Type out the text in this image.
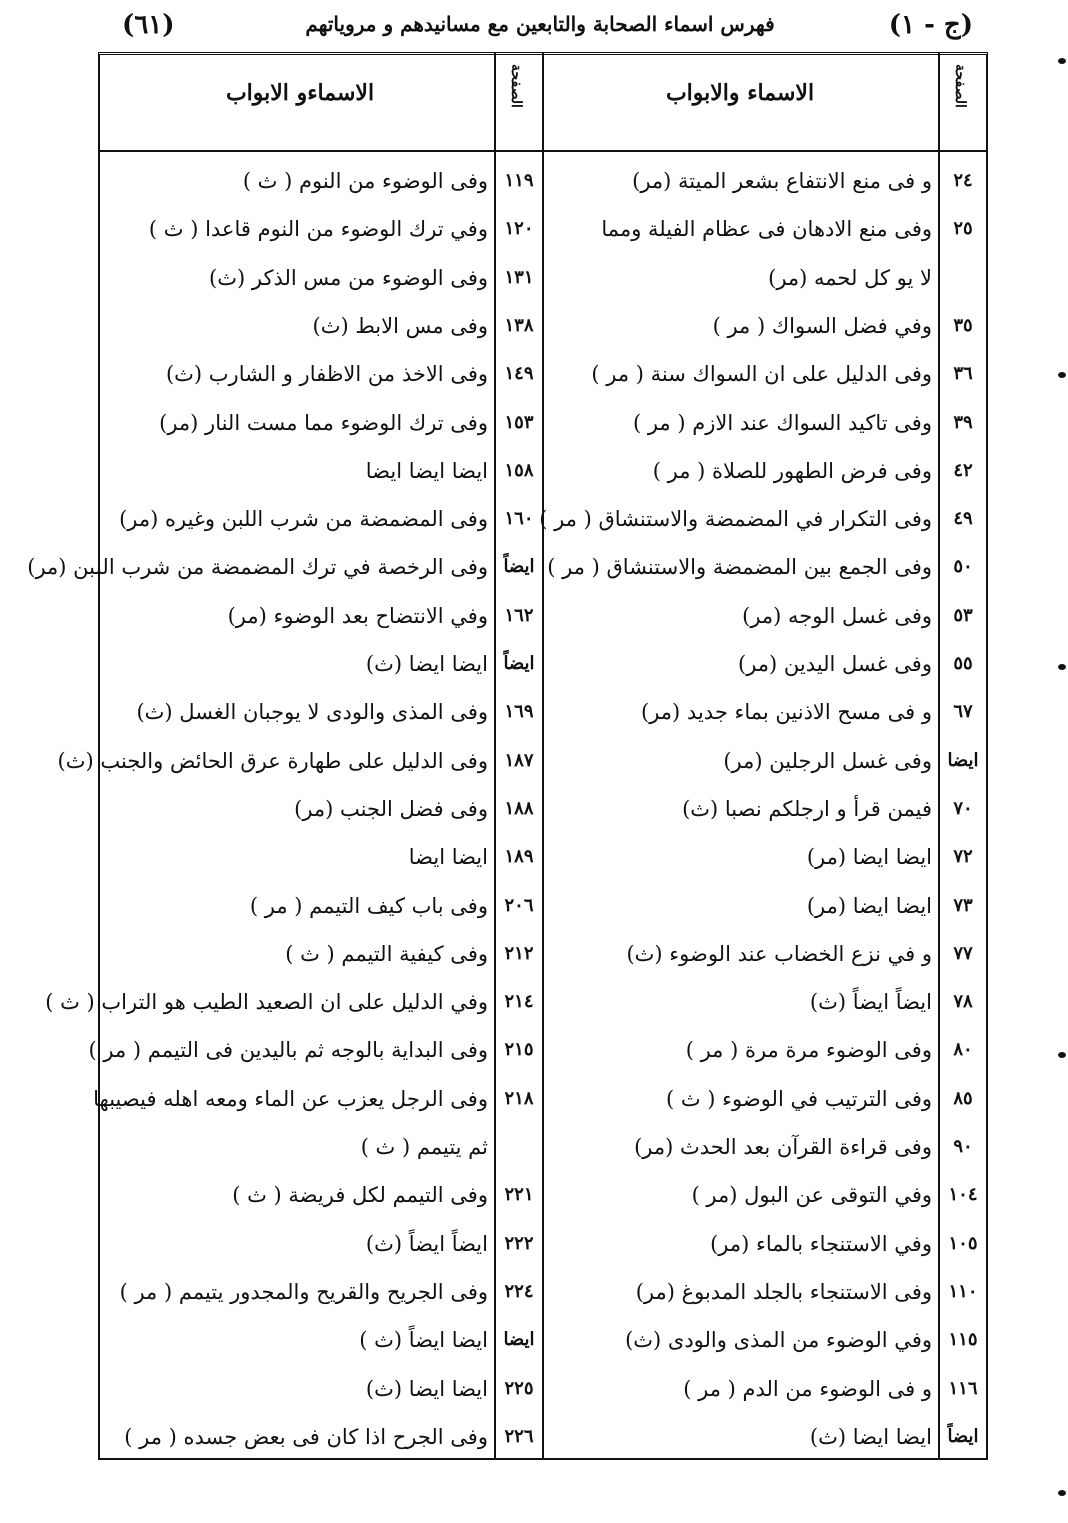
(ج - ١)
فهرس اسماء الصحابة والتابعين مع مسانيدهم و مروياتهم
(٦١)
الصفحة
الاسماء والابواب
الصفحة
الاسماءو الابواب
٢٤
و فى منع الانتفاع بشعر الميتة (مر)
٢٥
وفى منع الادهان فى عظام الفيلة ومما
لا يو كل لحمه (مر)
٣٥
وفي فضل السواك ( مر )
٣٦
وفى الدليل على ان السواك سنة ( مر )
٣٩
وفى تاكيد السواك عند الازم ( مر )
٤٢
وفى فرض الطهور للصلاة ( مر )
٤٩
وفى التكرار في المضمضة والاستنشاق ( مر )
٥٠
وفى الجمع بين المضمضة والاستنشاق ( مر )
٥٣
وفى غسل الوجه (مر)
٥٥
وفى غسل اليدين (مر)
٦٧
و فى مسح الاذنين بماء جديد (مر)
ايضا
وفى غسل الرجلين (مر)
٧٠
فيمن قرأ و ارجلكم نصبا (ث)
٧٢
ايضا ايضا (مر)
٧٣
ايضا ايضا (مر)
٧٧
و في نزع الخضاب عند الوضوء (ث)
٧٨
ايضاً ايضاً (ث)
٨٠
وفى الوضوء مرة مرة ( مر )
٨٥
وفى الترتيب في الوضوء ( ث )
٩٠
وفى قراءة القرآن بعد الحدث (مر)
١٠٤
وفي التوقى عن البول (مر )
١٠٥
وفي الاستنجاء بالماء (مر)
١١٠
وفى الاستنجاء بالجلد المدبوغ (مر)
١١٥
وفي الوضوء من المذى والودى (ث)
١١٦
و فى الوضوء من الدم ( مر )
ايضاً
ايضا ايضا (ث)
١١٩
وفى الوضوء من النوم ( ث )
١٢٠
وفي ترك الوضوء من النوم قاعدا ( ث )
١٣١
وفى الوضوء من مس الذكر (ث)
١٣٨
وفى مس الابط (ث)
١٤٩
وفى الاخذ من الاظفار و الشارب (ث)
١٥٣
وفى ترك الوضوء مما مست النار (مر)
١٥٨
ايضا ايضا ايضا
١٦٠
وفى المضمضة من شرب اللبن وغيره (مر)
ايضاً
وفى الرخصة في ترك المضمضة من شرب اللبن (مر)
١٦٢
وفي الانتضاح بعد الوضوء (مر)
ايضاً
ايضا ايضا (ث)
١٦٩
وفى المذى والودى لا يوجبان الغسل (ث)
١٨٧
وفى الدليل على طهارة عرق الحائض والجنب (ث)
١٨٨
وفى فضل الجنب (مر)
١٨٩
ايضا ايضا
٢٠٦
وفى باب كيف التيمم ( مر )
٢١٢
وفى كيفية التيمم ( ث )
٢١٤
وفي الدليل على ان الصعيد الطيب هو التراب ( ث )
٢١٥
وفى البداية بالوجه ثم باليدين فى التيمم ( مر )
٢١٨
وفى الرجل يعزب عن الماء ومعه اهله فيصيبها
ثم يتيمم ( ث )
٢٢١
وفى التيمم لكل فريضة ( ث )
٢٢٢
ايضاً ايضاً (ث)
٢٢٤
وفى الجريح والقريح والمجدور يتيمم ( مر )
ايضا
ايضا ايضاً (ث )
٢٢٥
ايضا ايضا (ث)
٢٢٦
وفى الجرح اذا كان فى بعض جسده ( مر )
